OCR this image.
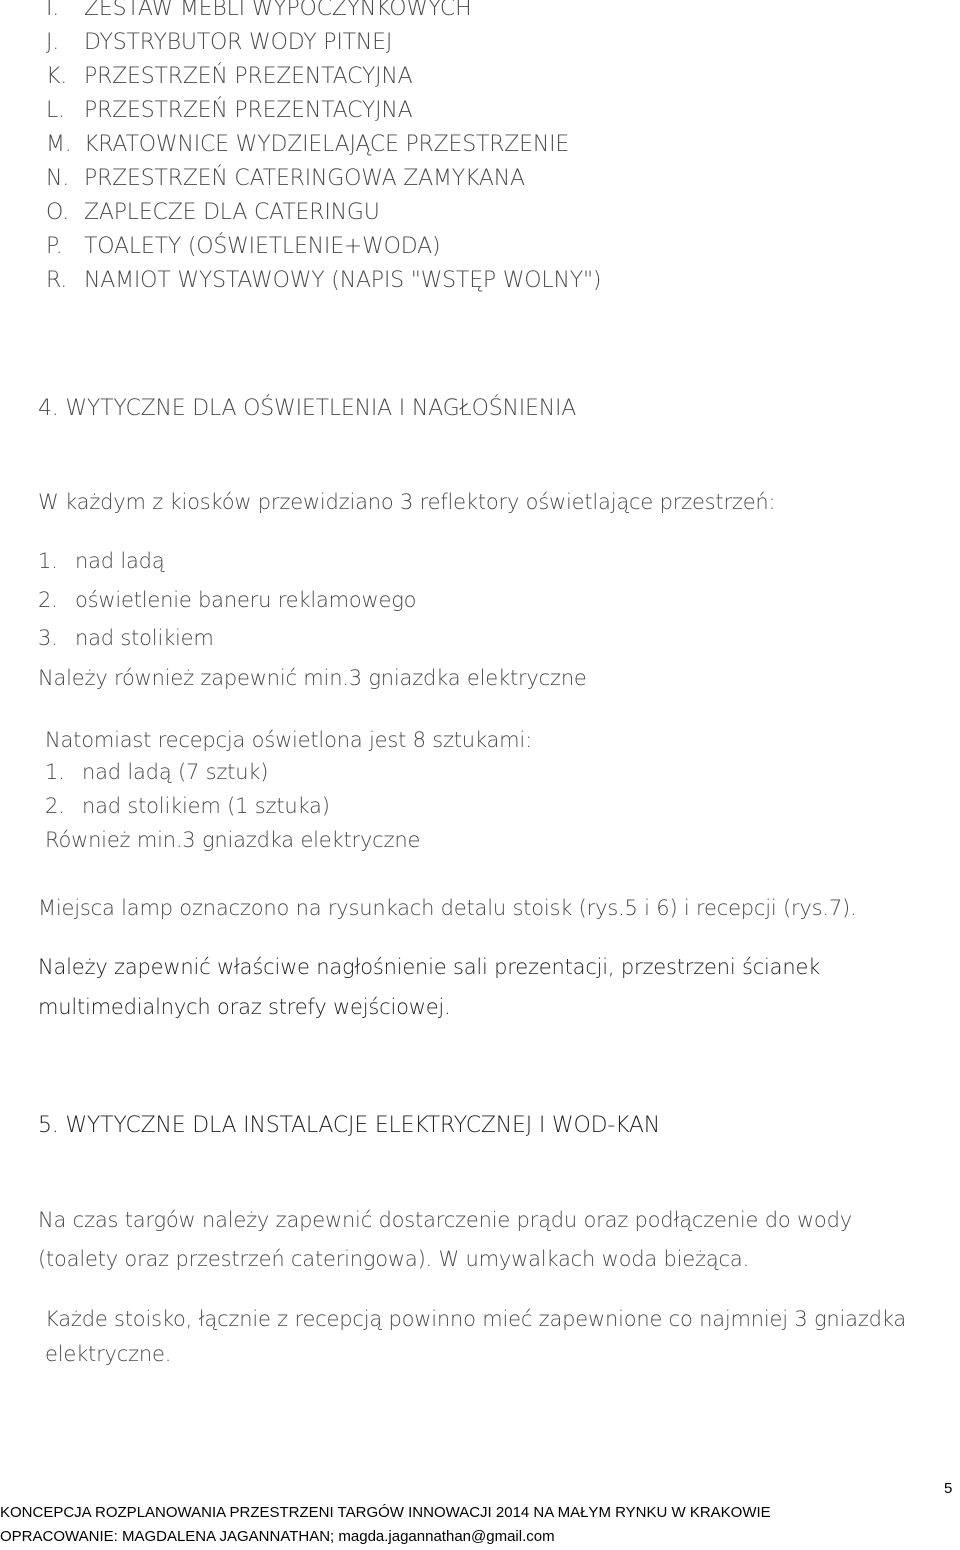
I. ZESTAW MEBLI WYPOCZYNKOWYCH
J. DYSTRYBUTOR WODY PITNEJ
K. PRZESTRZEŃ PREZENTACYJNA
L. PRZESTRZEŃ PREZENTACYJNA
M. KRATOWNICE WYDZIELAJĄCE PRZESTRZENIE
N. PRZESTRZEŃ CATERINGOWA ZAMYKANA
O. ZAPLECZE DLA CATERINGU
P. TOALETY (OŚWIETLENIE+WODA)
R. NAMIOT WYSTAWOWY (NAPIS "WSTĘP WOLNY")
4. WYTYCZNE DLA OŚWIETLENIA I NAGŁOŚNIENIA
W każdym z kiosków przewidziano 3 reflektory oświetlające przestrzeń:
1. nad ladą
2. oświetlenie baneru reklamowego
3. nad stolikiem
Należy również zapewnić min.3 gniazdka elektryczne
Natomiast recepcja oświetlona jest 8 sztukami:
1. nad ladą (7 sztuk)
2. nad stolikiem (1 sztuka)
Również min.3 gniazdka elektryczne
Miejsca lamp oznaczono na rysunkach detalu stoisk (rys.5 i 6) i recepcji (rys.7).
Należy zapewnić właściwe nagłośnienie sali prezentacji, przestrzeni ścianek
multimedialnych oraz strefy wejściowej.
5. WYTYCZNE DLA INSTALACJE ELEKTRYCZNEJ I WOD-KAN
Na czas targów należy zapewnić dostarczenie prądu oraz podłączenie do wody
(toalety oraz przestrzeń cateringowa). W umywalkach woda bieżąca.
Każde stoisko, łącznie z recepcją powinno mieć zapewnione co najmniej 3 gniazdka
elektryczne.
5
KONCEPCJA ROZPLANOWANIA PRZESTRZENI TARGÓW INNOWACJI 2014 NA MAŁYM RYNKU W KRAKOWIE
OPRACOWANIE: MAGDALENA JAGANNATHAN; magda.jagannathan@gmail.com
